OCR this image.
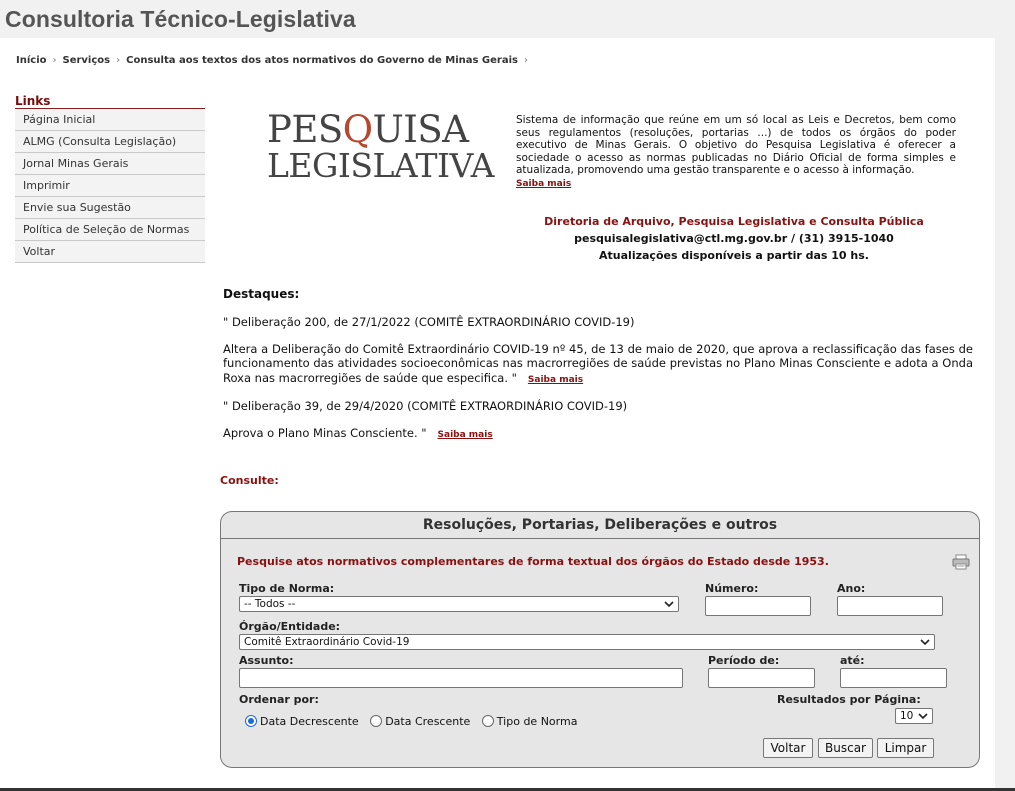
Consultoria Técnico-Legislativa
Início › Serviços › Consulta aos textos dos atos normativos do Governo de Minas Gerais ›
Links
Página Inicial
ALMG (Consulta Legislação)
Jornal Minas Gerais
Imprimir
Envie sua Sugestão
Política de Seleção de Normas
Voltar
PESQUISA
LEGISLATIVA
Sistema de informação que reúne em um só local as Leis e Decretos, bem como seus regulamentos (resoluções, portarias ...) de todos os órgãos do poder executivo de Minas Gerais. O objetivo do Pesquisa Legislativa é oferecer a sociedade o acesso as normas publicadas no Diário Oficial de forma simples e atualizada, promovendo uma gestão transparente e o acesso à informação.
Saiba mais
Diretoria de Arquivo, Pesquisa Legislativa e Consulta Pública
pesquisalegislativa@ctl.mg.gov.br / (31) 3915-1040
Atualizações disponíveis a partir das 10 hs.
Destaques:

" Deliberação 200, de 27/1/2022 (COMITÊ EXTRAORDINÁRIO COVID-19)

Altera a Deliberação do Comitê Extraordinário COVID-19 nº 45, de 13 de maio de 2020, que aprova a reclassificação das fases de funcionamento das atividades socioeconômicas nas macrorregiões de saúde previstas no Plano Minas Consciente e adota a Onda Roxa nas macrorregiões de saúde que especifica. " Saiba mais

" Deliberação 39, de 29/4/2020 (COMITÊ EXTRAORDINÁRIO COVID-19)

Aprova o Plano Minas Consciente. " Saiba mais

Consulte:
Resoluções, Portarias, Deliberações e outros
Pesquise atos normativos complementares de forma textual dos órgãos do Estado desde 1953.
Tipo de Norma:
-- Todos --
Número:	Ano:
Órgão/Entidade:
Comitê Extraordinário Covid-19
Assunto:	Período de:	até:
Ordenar por:
Data Decrescente Data Crescente Tipo de Norma
Resultados por Página:
10
Voltar	Buscar	Limpar
